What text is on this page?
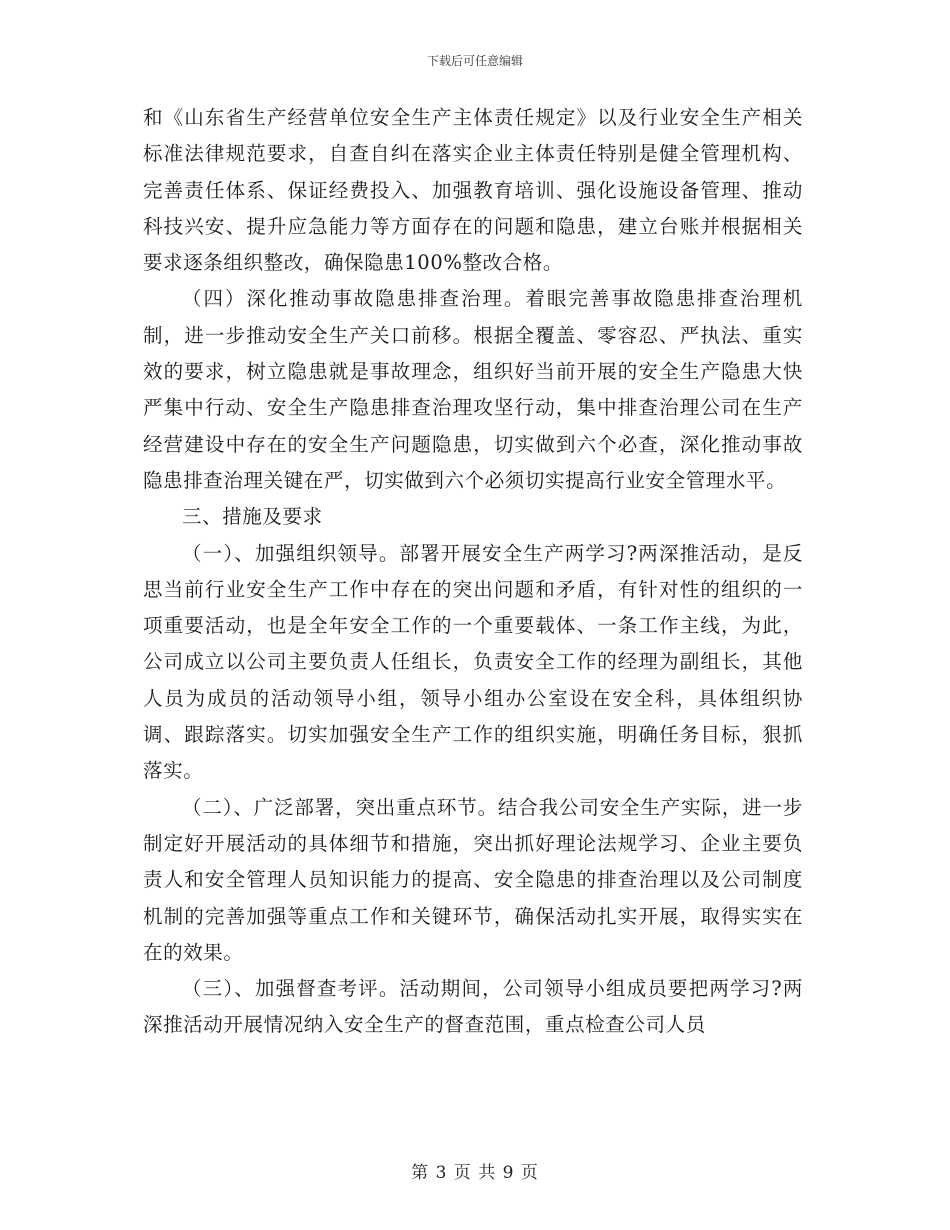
下载后可任意编辑

和《山东省生产经营单位安全生产主体责任规定》以及行业安全生产相关标准法律规范要求，自查自纠在落实企业主体责任特别是健全管理机构、完善责任体系、保证经费投入、加强教育培训、强化设施设备管理、推动科技兴安、提升应急能力等方面存在的问题和隐患，建立台账并根据相关要求逐条组织整改，确保隐患100%整改合格。

（四）深化推动事故隐患排查治理。着眼完善事故隐患排查治理机制，进一步推动安全生产关口前移。根据全覆盖、零容忍、严执法、重实效的要求，树立隐患就是事故理念，组织好当前开展的安全生产隐患大快严集中行动、安全生产隐患排查治理攻坚行动，集中排查治理公司在生产经营建设中存在的安全生产问题隐患，切实做到六个必查，深化推动事故隐患排查治理关键在严，切实做到六个必须切实提高行业安全管理水平。

三、措施及要求

（一）、加强组织领导。部署开展安全生产两学习?两深推活动，是反思当前行业安全生产工作中存在的突出问题和矛盾，有针对性的组织的一项重要活动，也是全年安全工作的一个重要载体、一条工作主线，为此，公司成立以公司主要负责人任组长，负责安全工作的经理为副组长，其他人员为成员的活动领导小组，领导小组办公室设在安全科，具体组织协调、跟踪落实。切实加强安全生产工作的组织实施，明确任务目标，狠抓落实。

（二）、广泛部署，突出重点环节。结合我公司安全生产实际，进一步制定好开展活动的具体细节和措施，突出抓好理论法规学习、企业主要负责人和安全管理人员知识能力的提高、安全隐患的排查治理以及公司制度机制的完善加强等重点工作和关键环节，确保活动扎实开展，取得实实在在的效果。

（三）、加强督查考评。活动期间，公司领导小组成员要把两学习?两深推活动开展情况纳入安全生产的督查范围，重点检查公司人员

第 3 页 共 9 页
